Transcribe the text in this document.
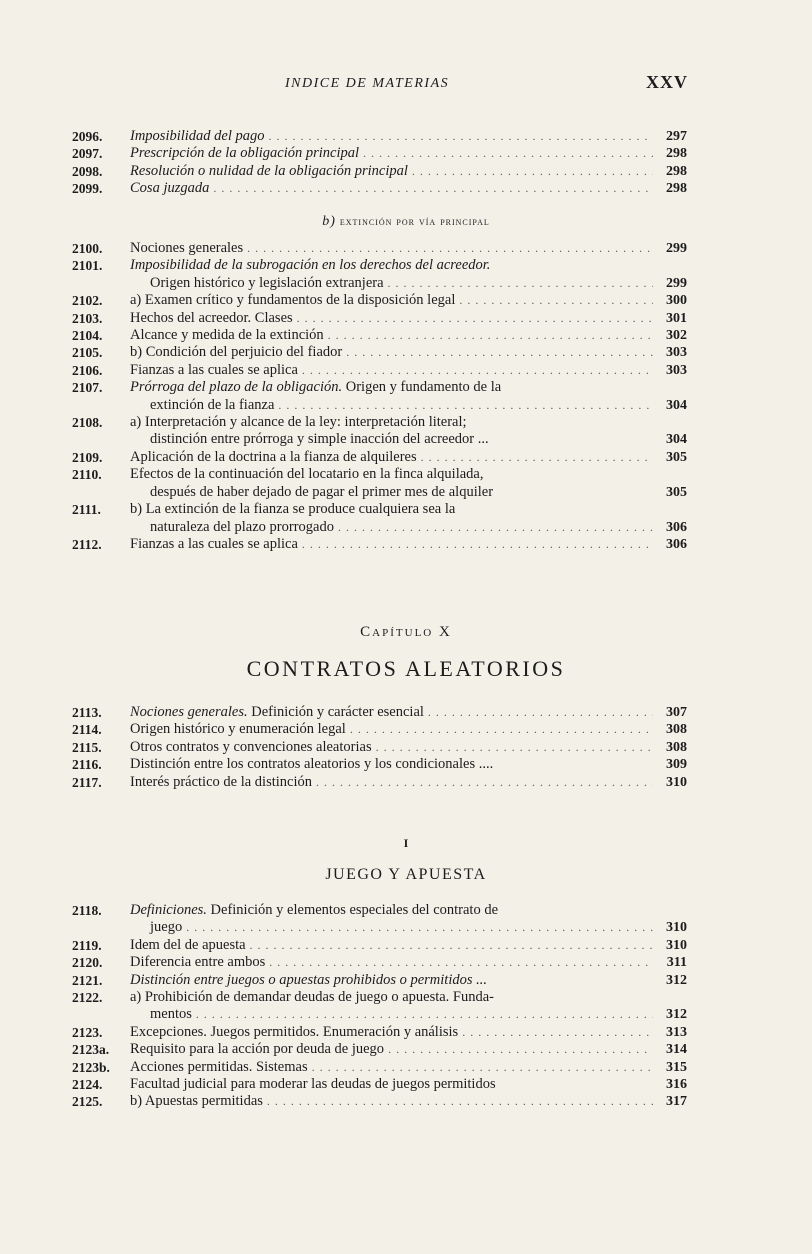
INDICE DE MATERIAS	XXV
2096. Imposibilidad del pago . . .	297
2097. Prescripción de la obligación principal . . .	298
2098. Resolución o nulidad de la obligación principal . . .	298
2099. Cosa juzgada . . .	298
b) extinción por vía principal
2100. Nociones generales . . .	299
2101. Imposibilidad de la subrogación en los derechos del acreedor.
Origen histórico y legislación extranjera . . .	299
2102. a) Examen crítico y fundamentos de la disposición legal . . .	300
2103. Hechos del acreedor. Clases . . .	301
2104. Alcance y medida de la extinción . . .	302
2105. b) Condición del perjuicio del fiador . . .	303
2106. Fianzas a las cuales se aplica . . .	303
2107. Prórroga del plazo de la obligación. Origen y fundamento de la
extinción de la fianza . . .	304
2108. a) Interpretación y alcance de la ley: interpretación literal;
distinción entre prórroga y simple inacción del acreedor ...	304
2109. Aplicación de la doctrina a la fianza de alquileres . . .	305
2110. Efectos de la continuación del locatario en la finca alquilada,
después de haber dejado de pagar el primer mes de alquiler	305
2111. b) La extinción de la fianza se produce cualquiera sea la
naturaleza del plazo prorrogado . . .	306
2112. Fianzas a las cuales se aplica . . .	306
Capítulo X
CONTRATOS ALEATORIOS
2113. Nociones generales. Definición y carácter esencial . . .	307
2114. Origen histórico y enumeración legal . . .	308
2115. Otros contratos y convenciones aleatorias . . .	308
2116. Distinción entre los contratos aleatorios y los condicionales ....	309
2117. Interés práctico de la distinción . . .	310
I
JUEGO Y APUESTA
2118. Definiciones. Definición y elementos especiales del contrato de
juego . . .	310
2119. Idem del de apuesta . . .	310
2120. Diferencia entre ambos . . .	311
2121. Distinción entre juegos o apuestas prohibidos o permitidos ...	312
2122. a) Prohibición de demandar deudas de juego o apuesta. Funda-
mentos . . .	312
2123. Excepciones. Juegos permitidos. Enumeración y análisis . . .	313
2123a. Requisito para la acción por deuda de juego . . .	314
2123b. Acciones permitidas. Sistemas . . .	315
2124. Facultad judicial para moderar las deudas de juegos permitidos	316
2125. b) Apuestas permitidas . . .	317
